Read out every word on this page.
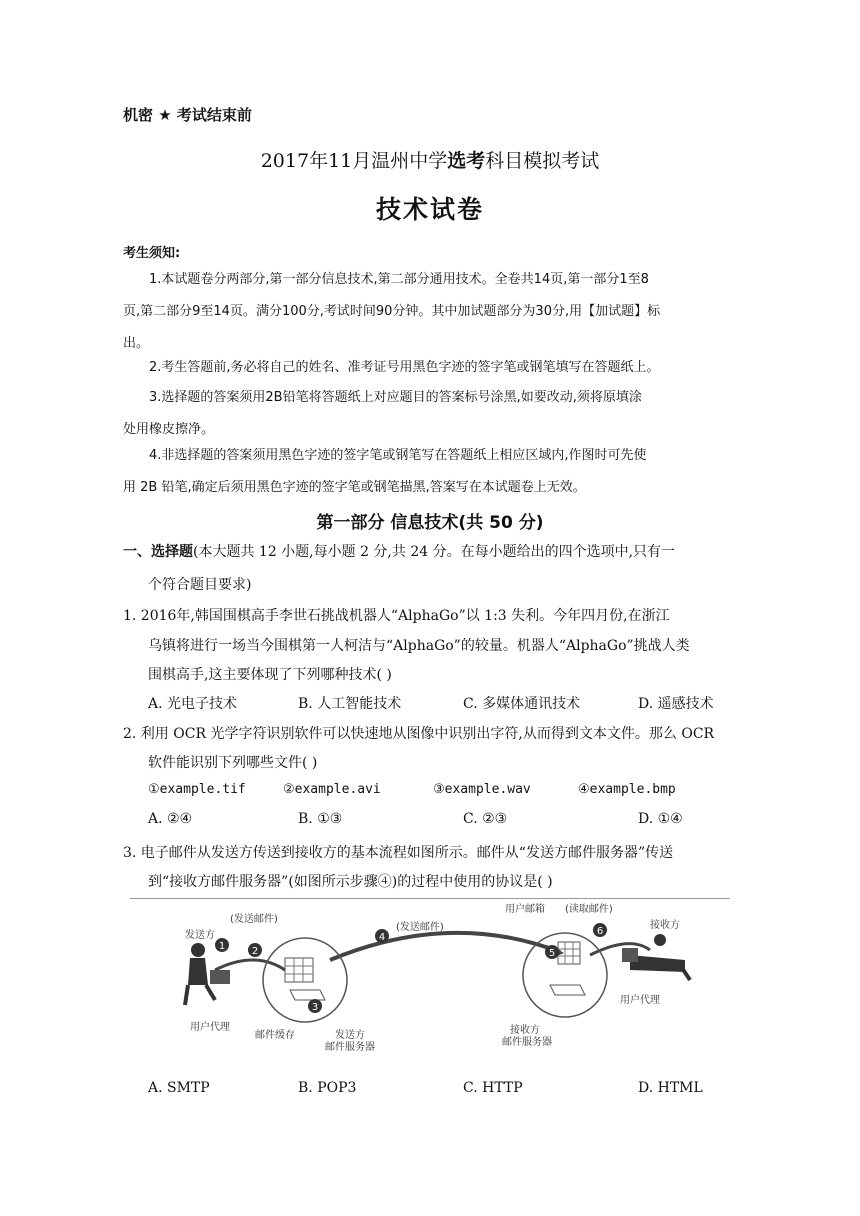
机密 ★ 考试结束前
2017年11月温州中学选考科目模拟考试
技术试卷
考生须知:
1.本试题卷分两部分,第一部分信息技术,第二部分通用技术。全卷共14页,第一部分1至8
页,第二部分9至14页。满分100分,考试时间90分钟。其中加试题部分为30分,用【加试题】标
出。
2.考生答题前,务必将自己的姓名、准考证号用黑色字迹的签字笔或钢笔填写在答题纸上。
3.选择题的答案须用2B铅笔将答题纸上对应题目的答案标号涂黑,如要改动,须将原填涂
处用橡皮擦净。
4.非选择题的答案须用黑色字迹的签字笔或钢笔写在答题纸上相应区域内,作图时可先使
用 2B 铅笔,确定后须用黑色字迹的签字笔或钢笔描黑,答案写在本试题卷上无效。
第一部分 信息技术(共 50 分)
一、选择题(本大题共 12 小题,每小题 2 分,共 24 分。在每小题给出的四个选项中,只有一
个符合题目要求)
1. 2016年,韩国围棋高手李世石挑战机器人“AlphaGo”以 1:3 失利。今年四月份,在浙江
乌镇将进行一场当今围棋第一人柯洁与“AlphaGo”的较量。机器人“AlphaGo”挑战人类
围棋高手,这主要体现了下列哪种技术( )
A. 光电子技术	B. 人工智能技术	C. 多媒体通讯技术	D. 遥感技术
2. 利用 OCR 光学字符识别软件可以快速地从图像中识别出字符,从而得到文本文件。那么 OCR
软件能识别下列哪些文件( )
①example.tif	②example.avi	③example.wav	④example.bmp
A. ②④	B. ①③	C. ②③	D. ①④
3. 电子邮件从发送方传送到接收方的基本流程如图所示。邮件从“发送方邮件服务器”传送
到“接收方邮件服务器”(如图所示步骤④)的过程中使用的协议是( )
1	2
3
4
5
6
(发送邮件)
发送方
用户代理
邮件缓存	发送方
邮件服务器
(发送邮件)
用户邮箱 (读取邮件)
接收方
接收方
邮件服务器
用户代理
A. SMTP	B. POP3	C. HTTP	D. HTML
